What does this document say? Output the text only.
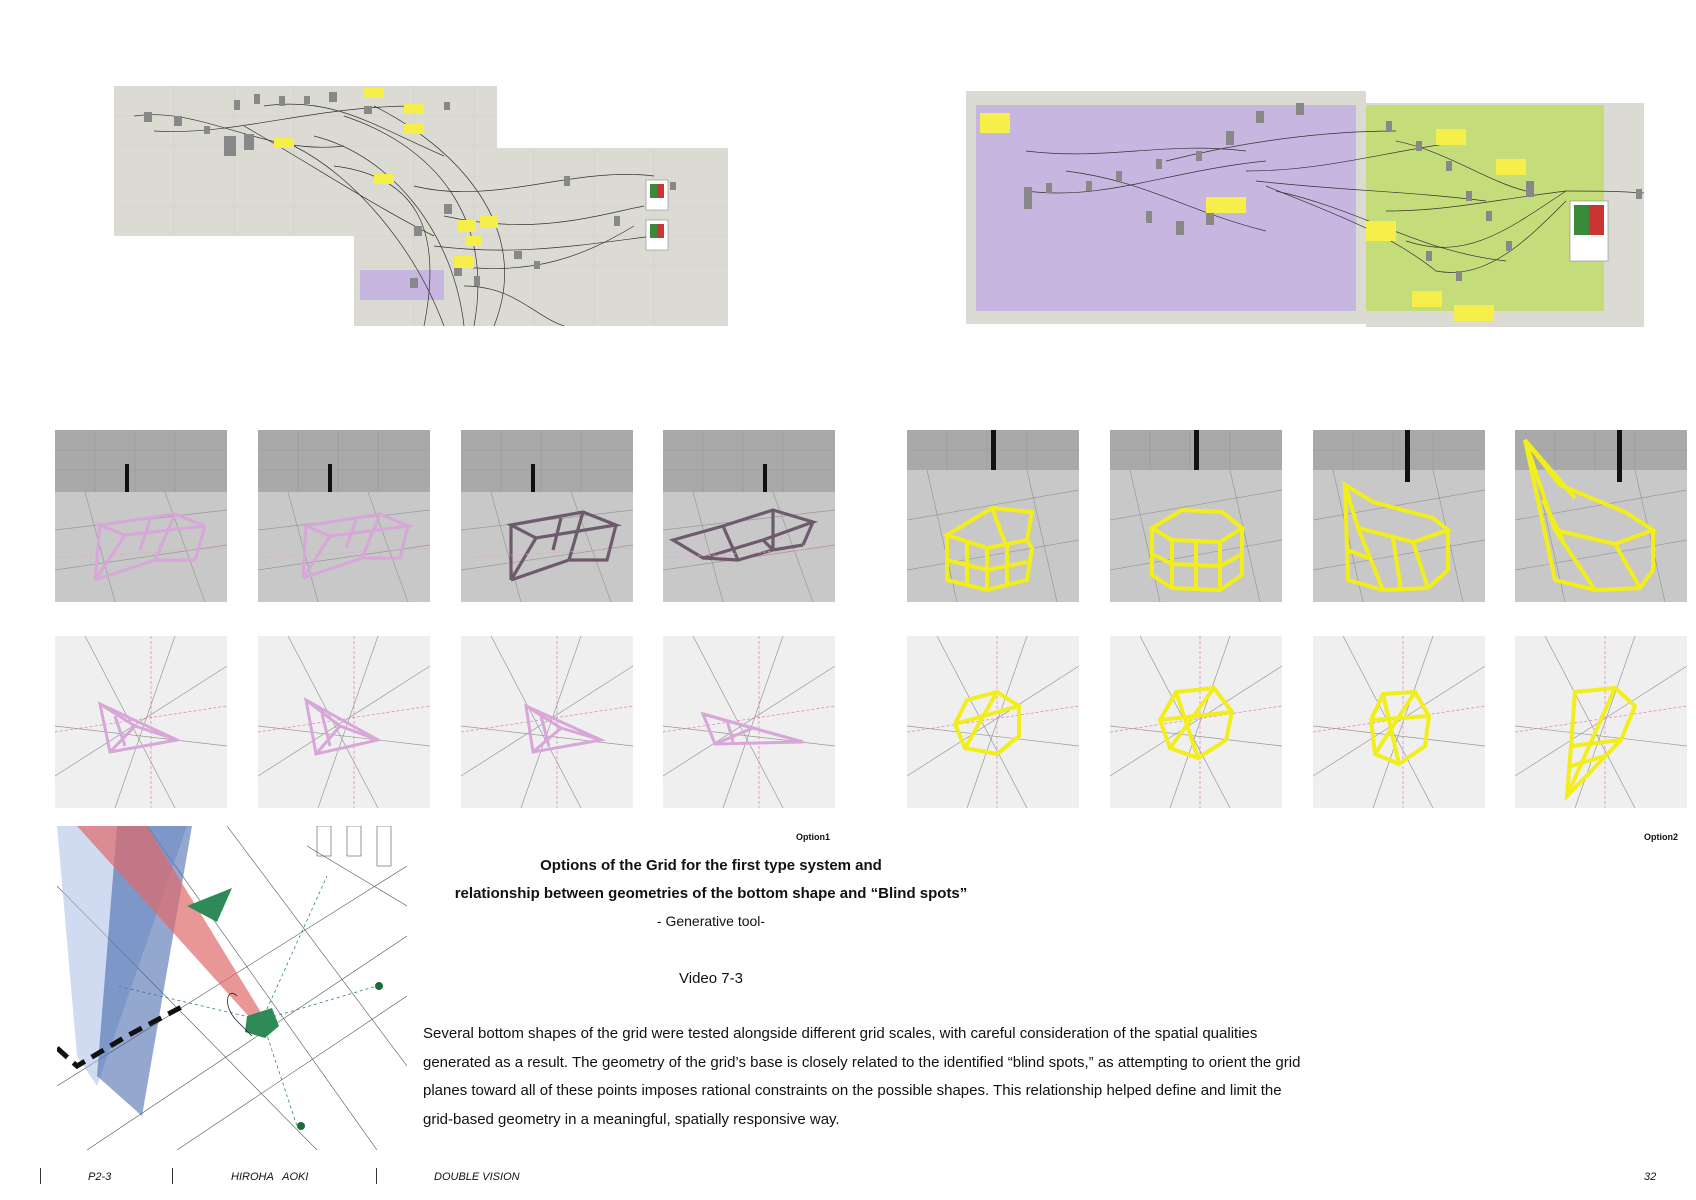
Option1	Option2
Options of the Grid for the first type system and
relationship between geometries of the bottom shape and “Blind spots”
- Generative tool-
Video 7-3
Several bottom shapes of the grid were tested alongside different grid scales, with careful consideration of the spatial qualities generated as a result. The geometry of the grid’s base is closely related to the identified “blind spots,” as attempting to orient the grid planes toward all of these points imposes rational constraints on the possible shapes. This relationship helped define and limit the grid-based geometry in a meaningful, spatially responsive way.
P2-3	HIROHA   AOKI	DOUBLE VISION	32
